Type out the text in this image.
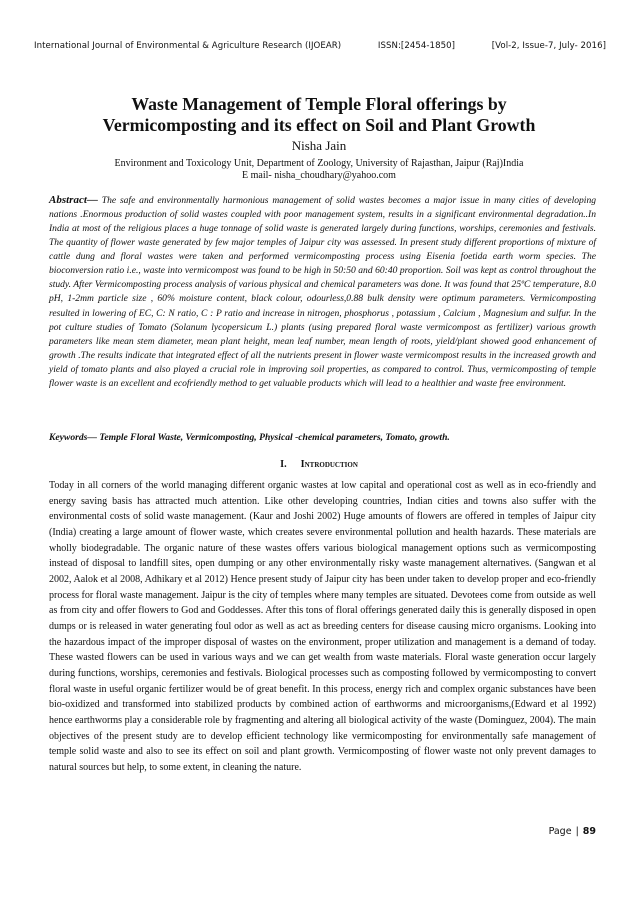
International Journal of Environmental & Agriculture Research (IJOEAR)	ISSN:[2454-1850]	[Vol-2, Issue-7, July- 2016]
Waste Management of Temple Floral offerings by
Vermicomposting and its effect on Soil and Plant Growth
Nisha Jain
Environment and Toxicology Unit, Department of Zoology, University of Rajasthan, Jaipur (Raj)India
E mail- nisha_choudhary@yahoo.com
Abstract— The safe and environmentally harmonious management of solid wastes becomes a major issue in many cities of developing nations .Enormous production of solid wastes coupled with poor management system, results in a significant environmental degradation..In India at most of the religious places a huge tonnage of solid waste is generated largely during functions, worships, ceremonies and festivals. The quantity of flower waste generated by few major temples of Jaipur city was assessed. In present study different proportions of mixture of cattle dung and floral wastes were taken and performed vermicomposting process using Eisenia foetida earth worm species. The bioconversion ratio i.e., waste into vermicompost was found to be high in 50:50 and 60:40 proportion. Soil was kept as control throughout the study. After Vermicomposting process analysis of various physical and chemical parameters was done. It was found that 25ºC temperature, 8.0 pH, 1-2mm particle size , 60% moisture content, black colour, odourless,0.88 bulk density were optimum parameters. Vermicomposting resulted in lowering of EC, C: N ratio, C : P ratio and increase in nitrogen, phosphorus , potassium , Calcium , Magnesium and sulfur. In the pot culture studies of Tomato (Solanum lycopersicum L.) plants (using prepared floral waste vermicompost as fertilizer) various growth parameters like mean stem diameter, mean plant height, mean leaf number, mean length of roots, yield/plant showed good enhancement of growth .The results indicate that integrated effect of all the nutrients present in flower waste vermicompost results in the increased growth and yield of tomato plants and also played a crucial role in improving soil properties, as compared to control. Thus, vermicomposting of temple flower waste is an excellent and ecofriendly method to get valuable products which will lead to a healthier and waste free environment.
Keywords— Temple Floral Waste, Vermicomposting, Physical -chemical parameters, Tomato, growth.
I. Introduction
Today in all corners of the world managing different organic wastes at low capital and operational cost as well as in eco-friendly and energy saving basis has attracted much attention. Like other developing countries, Indian cities and towns also suffer with the environmental costs of solid waste management. (Kaur and Joshi 2002) Huge amounts of flowers are offered in temples of Jaipur city (India) creating a large amount of flower waste, which creates severe environmental pollution and health hazards. These materials are wholly biodegradable. The organic nature of these wastes offers various biological management options such as vermicomposting instead of disposal to landfill sites, open dumping or any other environmentally risky waste management alternatives. (Sangwan et al 2002, Aalok et al 2008, Adhikary et al 2012) Hence present study of Jaipur city has been under taken to develop proper and eco-friendly process for floral waste management. Jaipur is the city of temples where many temples are situated. Devotees come from outside as well as from city and offer flowers to God and Goddesses. After this tons of floral offerings generated daily this is generally disposed in open dumps or is released in water generating foul odor as well as act as breeding centers for disease causing micro organisms. Looking into the hazardous impact of the improper disposal of wastes on the environment, proper utilization and management is a demand of today. These wasted flowers can be used in various ways and we can get wealth from waste materials. Floral waste generation occur largely during functions, worships, ceremonies and festivals. Biological processes such as composting followed by vermicomposting to convert floral waste in useful organic fertilizer would be of great benefit. In this process, energy rich and complex organic substances have been bio-oxidized and transformed into stabilized products by combined action of earthworms and microorganisms,(Edward et al 1992) hence earthworms play a considerable role by fragmenting and altering all biological activity of the waste (Dominguez, 2004). The main objectives of the present study are to develop efficient technology like vermicomposting for environmentally safe management of temple solid waste and also to see its effect on soil and plant growth. Vermicomposting of flower waste not only prevent damages to natural sources but help, to some extent, in cleaning the nature.
Page | 89
